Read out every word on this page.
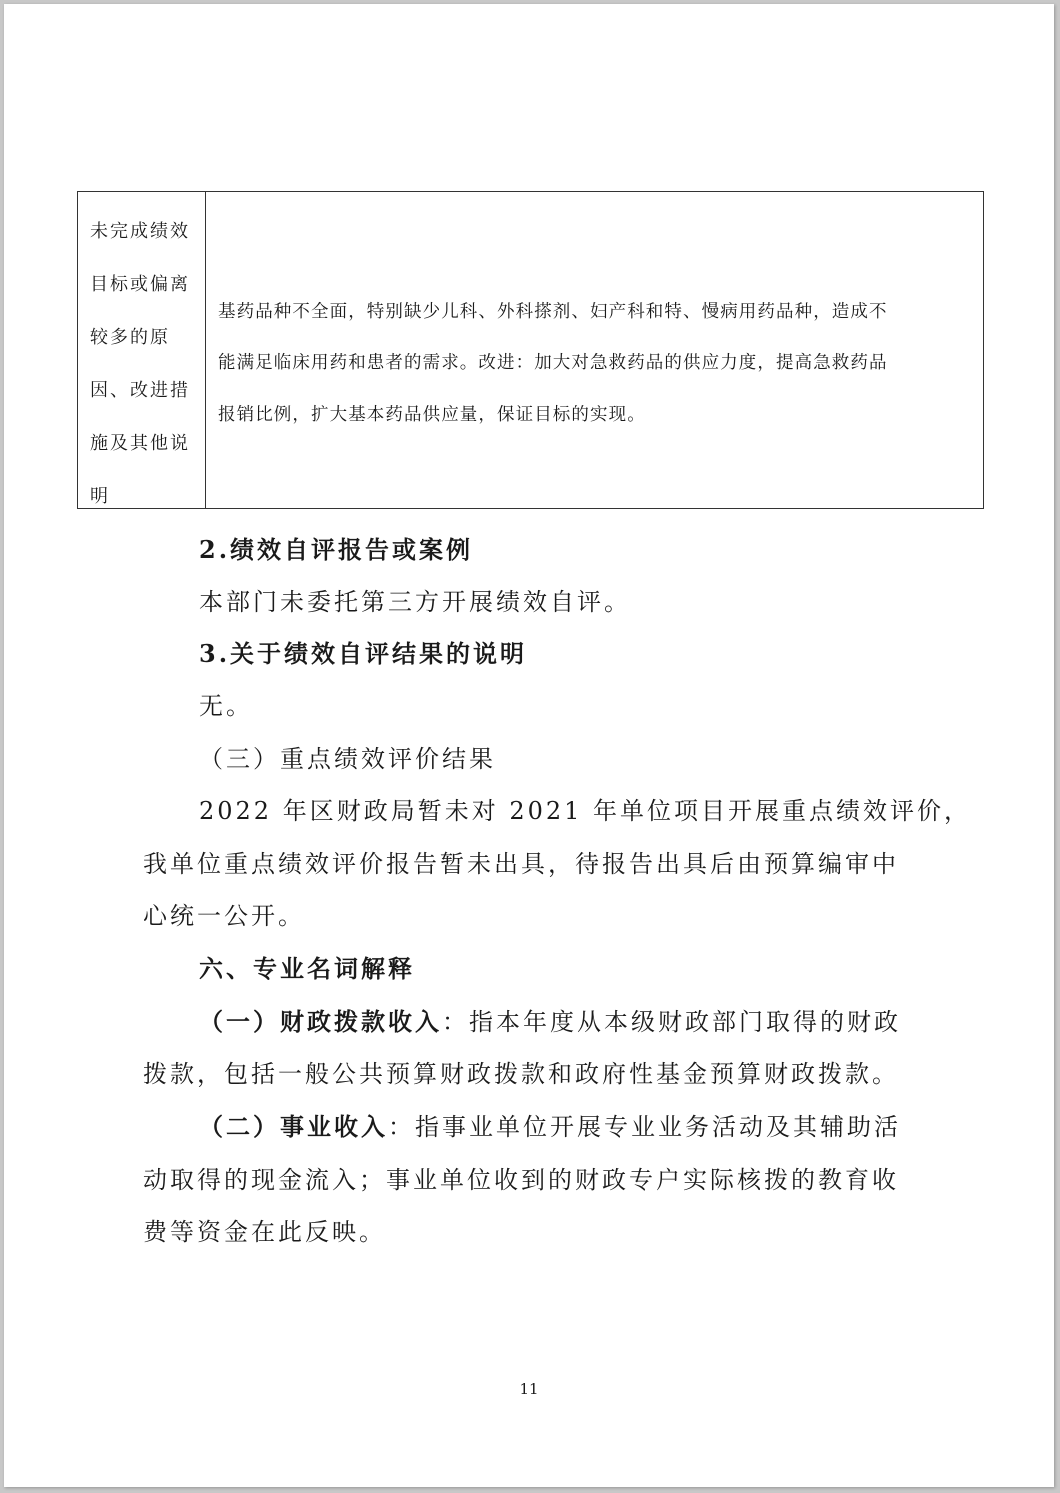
未完成绩效
目标或偏离
较多的原
因、改进措
施及其他说
明
基药品种不全面，特别缺少儿科、外科搽剂、妇产科和特、慢病用药品种，造成不
能满足临床用药和患者的需求。改进：加大对急救药品的供应力度，提高急救药品
报销比例，扩大基本药品供应量，保证目标的实现。
2.绩效自评报告或案例
本部门未委托第三方开展绩效自评。
3.关于绩效自评结果的说明
无。
（三）重点绩效评价结果
2022 年区财政局暂未对 2021 年单位项目开展重点绩效评价，
我单位重点绩效评价报告暂未出具，待报告出具后由预算编审中
心统一公开。
六、专业名词解释
（一）财政拨款收入：指本年度从本级财政部门取得的财政
拨款，包括一般公共预算财政拨款和政府性基金预算财政拨款。
（二）事业收入：指事业单位开展专业业务活动及其辅助活
动取得的现金流入；事业单位收到的财政专户实际核拨的教育收
费等资金在此反映。
11
